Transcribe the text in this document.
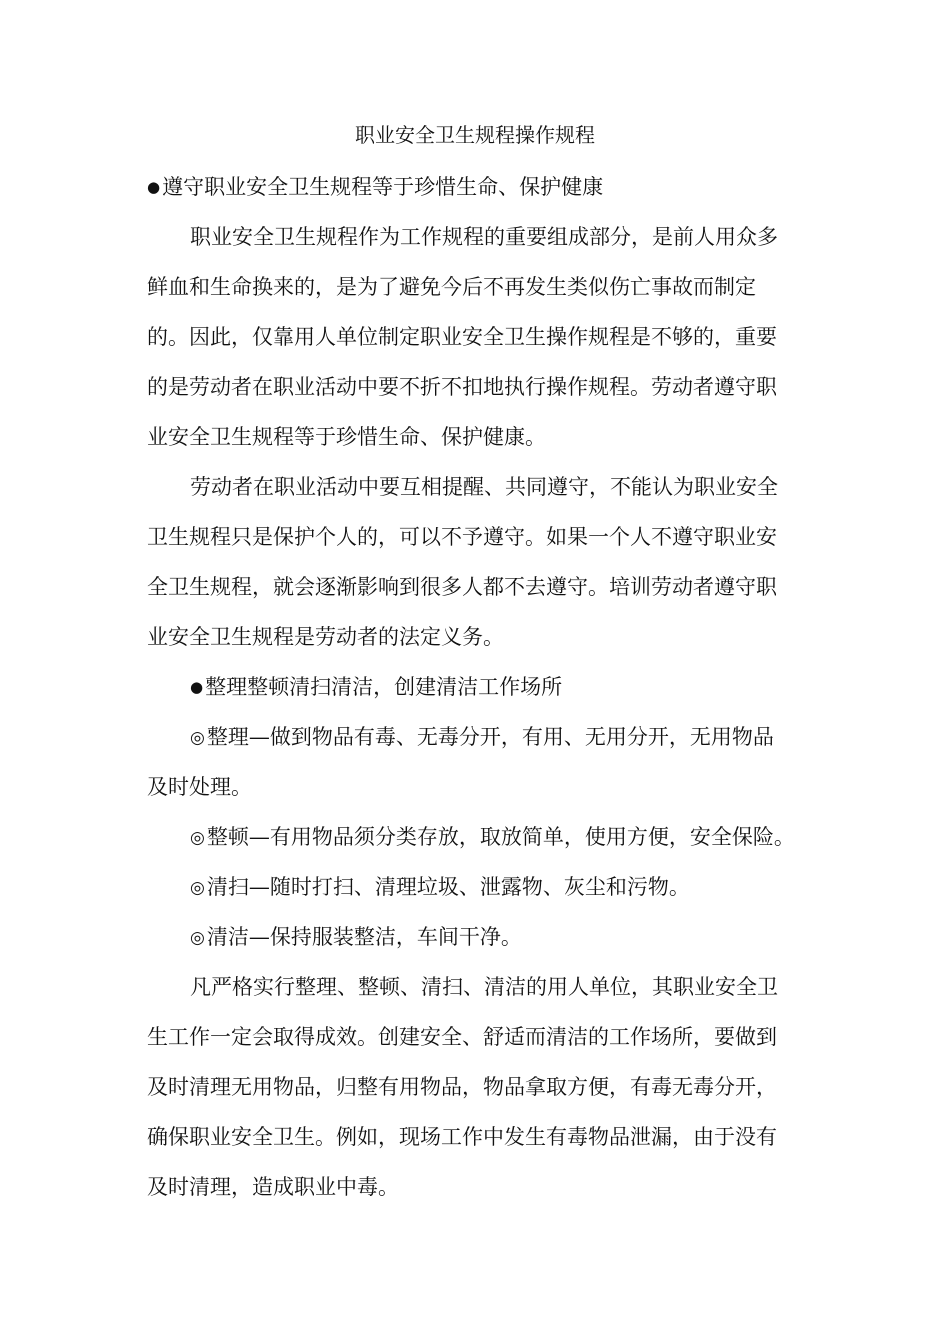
职业安全卫生规程操作规程
●遵守职业安全卫生规程等于珍惜生命、保护健康
职业安全卫生规程作为工作规程的重要组成部分，是前人用众多
鲜血和生命换来的，是为了避免今后不再发生类似伤亡事故而制定
的。因此，仅靠用人单位制定职业安全卫生操作规程是不够的，重要
的是劳动者在职业活动中要不折不扣地执行操作规程。劳动者遵守职
业安全卫生规程等于珍惜生命、保护健康。
劳动者在职业活动中要互相提醒、共同遵守，不能认为职业安全
卫生规程只是保护个人的，可以不予遵守。如果一个人不遵守职业安
全卫生规程，就会逐渐影响到很多人都不去遵守。培训劳动者遵守职
业安全卫生规程是劳动者的法定义务。
●整理整顿清扫清洁，创建清洁工作场所
◎整理—做到物品有毒、无毒分开，有用、无用分开，无用物品
及时处理。
◎整顿—有用物品须分类存放，取放简单，使用方便，安全保险。
◎清扫—随时打扫、清理垃圾、泄露物、灰尘和污物。
◎清洁—保持服装整洁，车间干净。
凡严格实行整理、整顿、清扫、清洁的用人单位，其职业安全卫
生工作一定会取得成效。创建安全、舒适而清洁的工作场所，要做到
及时清理无用物品，归整有用物品，物品拿取方便，有毒无毒分开，
确保职业安全卫生。例如，现场工作中发生有毒物品泄漏，由于没有
及时清理，造成职业中毒。
